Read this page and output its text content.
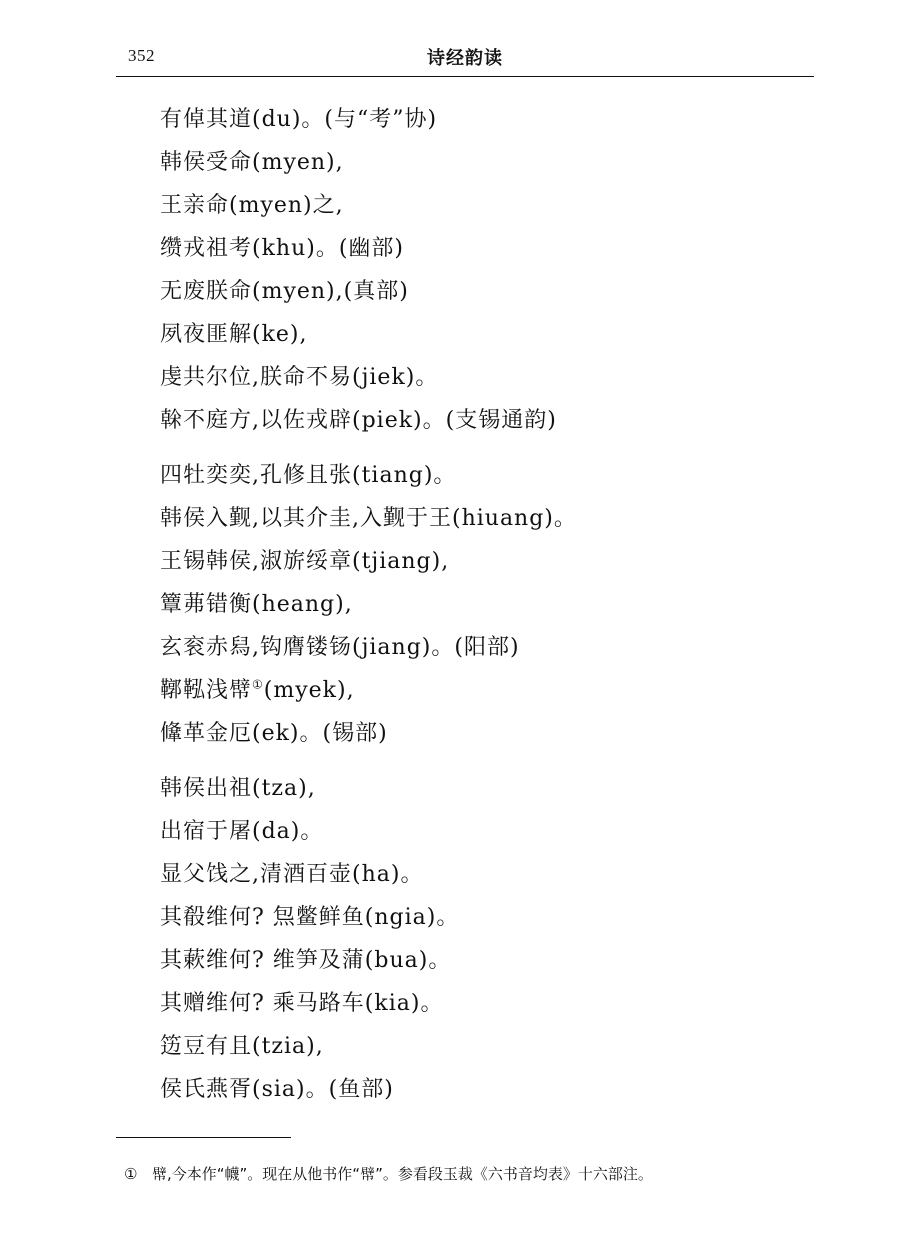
352	诗经韵读
有倬其道(du)。(与“考”协)
韩侯受命(myen),
王亲命(myen)之,
缵戎祖考(khu)。(幽部)
无废朕命(myen),(真部)
夙夜匪解(ke),
虔共尔位,朕命不易(jiek)。
榦不庭方,以佐戎辟(piek)。(支锡通韵)
四牡奕奕,孔修且张(tiang)。
韩侯入觐,以其介圭,入觐于王(hiuang)。
王锡韩侯,淑旂绥章(tjiang),
簟茀错衡(heang),
玄衮赤舄,钩膺镂钖(jiang)。(阳部)
鞹鞃浅幦①(myek),
鞗革金厄(ek)。(锡部)
韩侯出祖(tza),
出宿于屠(da)。
显父饯之,清酒百壶(ha)。
其殽维何? 炰鳖鲜鱼(ngia)。
其蔌维何? 维笋及蒲(bua)。
其赠维何? 乘马路车(kia)。
笾豆有且(tzia),
侯氏燕胥(sia)。(鱼部)
① 幦,今本作“幭”。现在从他书作“幦”。参看段玉裁《六书音均表》十六部注。
